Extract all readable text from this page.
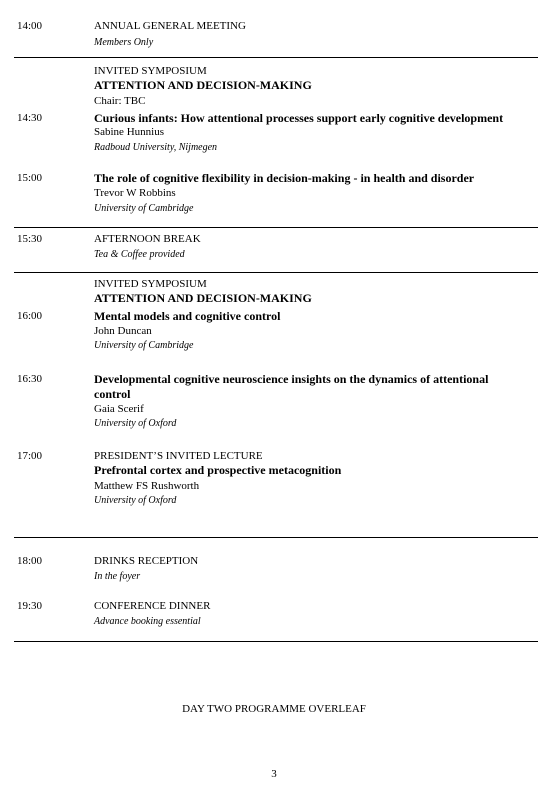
14:00	ANNUAL GENERAL MEETING
Members Only
INVITED SYMPOSIUM
ATTENTION AND DECISION-MAKING
Chair: TBC
14:30	Curious infants: How attentional processes support early cognitive development
Sabine Hunnius
Radboud University, Nijmegen
15:00	The role of cognitive flexibility in decision-making - in health and disorder
Trevor W Robbins
University of Cambridge
15:30	AFTERNOON BREAK
Tea & Coffee provided
INVITED SYMPOSIUM
ATTENTION AND DECISION-MAKING
16:00	Mental models and cognitive control
John Duncan
University of Cambridge
16:30	Developmental cognitive neuroscience insights on the dynamics of attentional
control
Gaia Scerif
University of Oxford
17:00	PRESIDENT’S INVITED LECTURE
Prefrontal cortex and prospective metacognition
Matthew FS Rushworth
University of Oxford
18:00	DRINKS RECEPTION
In the foyer
19:30	CONFERENCE DINNER
Advance booking essential
DAY TWO PROGRAMME OVERLEAF
3
